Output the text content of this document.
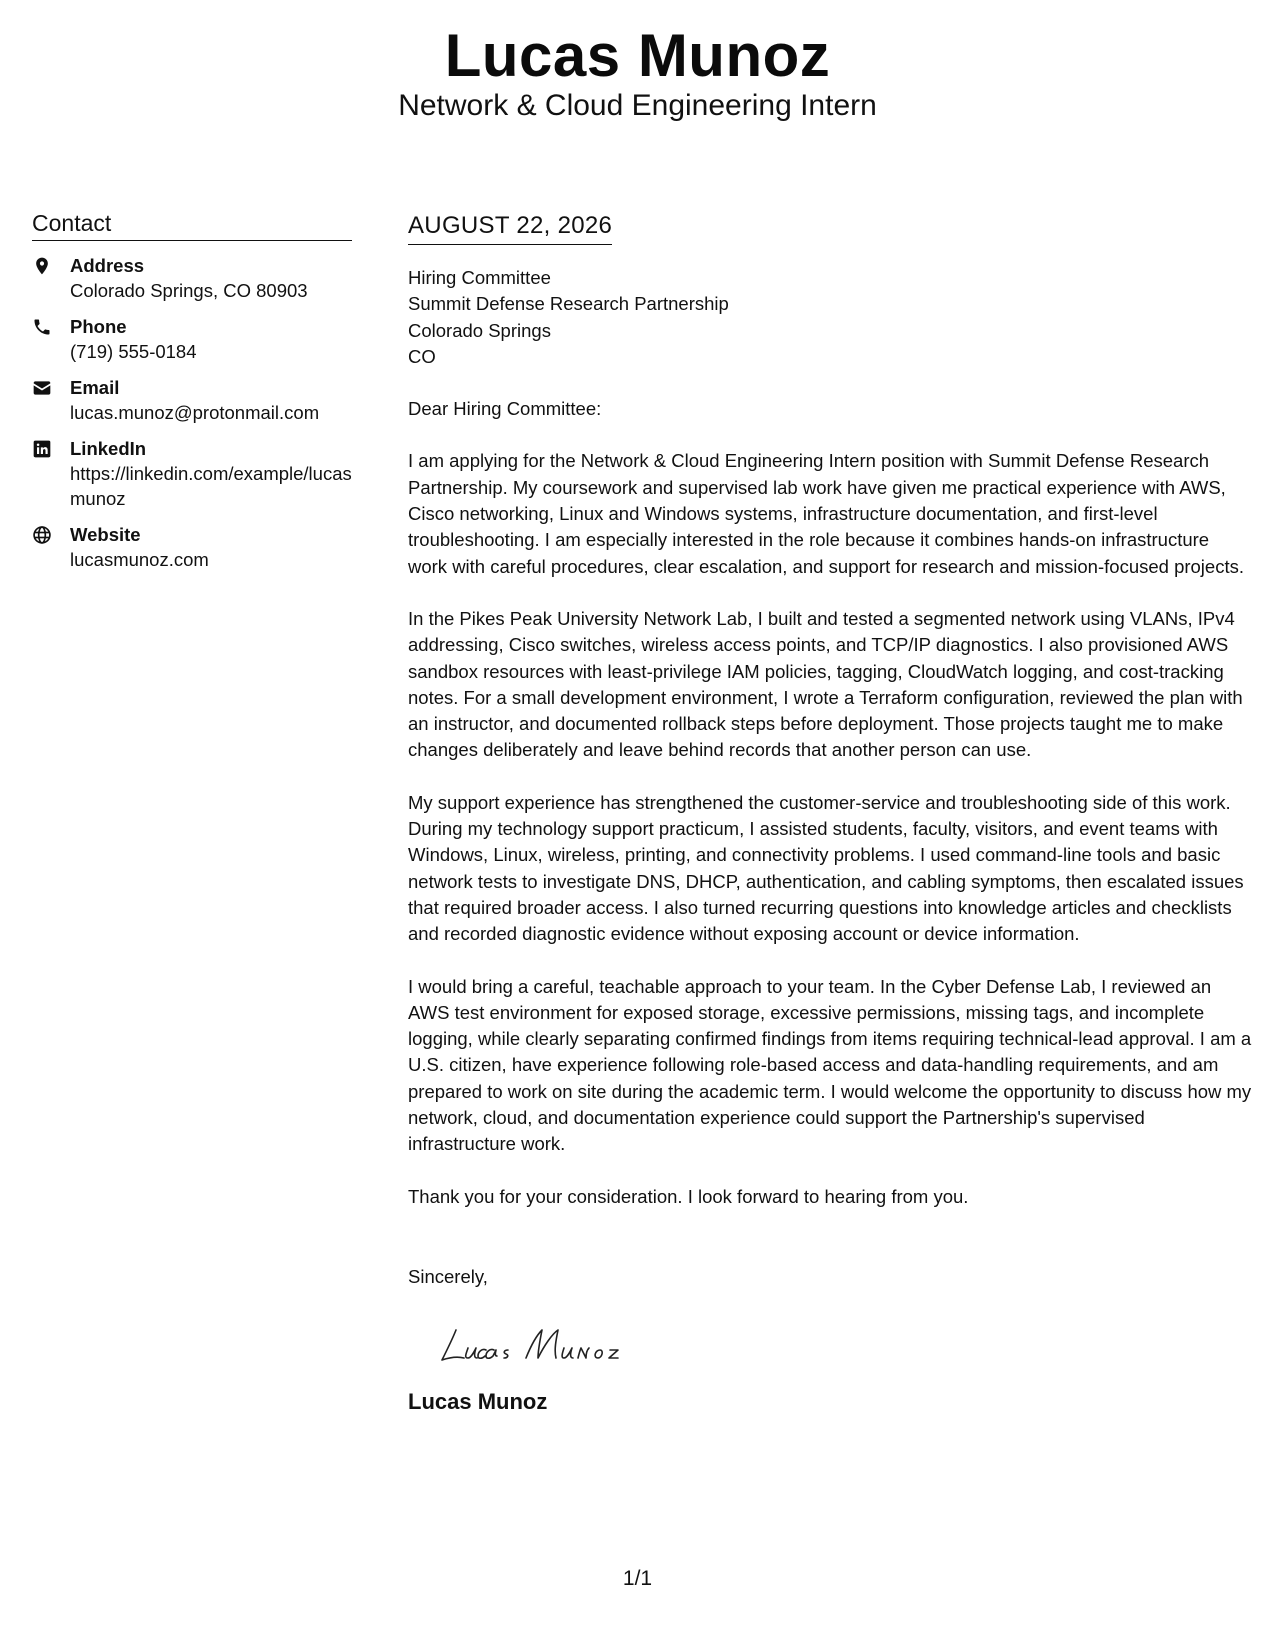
Lucas Munoz
Network & Cloud Engineering Intern
Contact
Address
Colorado Springs, CO 80903
Phone
(719) 555-0184
Email
lucas.munoz@protonmail.com
LinkedIn
https://linkedin.com/example/lucasmunoz
Website
lucasmunoz.com
AUGUST 22, 2026
Hiring Committee
Summit Defense Research Partnership
Colorado Springs
CO
Dear Hiring Committee:
I am applying for the Network & Cloud Engineering Intern position with Summit Defense Research Partnership. My coursework and supervised lab work have given me practical experience with AWS, Cisco networking, Linux and Windows systems, infrastructure documentation, and first-level troubleshooting. I am especially interested in the role because it combines hands-on infrastructure work with careful procedures, clear escalation, and support for research and mission-focused projects.
In the Pikes Peak University Network Lab, I built and tested a segmented network using VLANs, IPv4 addressing, Cisco switches, wireless access points, and TCP/IP diagnostics. I also provisioned AWS sandbox resources with least-privilege IAM policies, tagging, CloudWatch logging, and cost-tracking notes. For a small development environment, I wrote a Terraform configuration, reviewed the plan with an instructor, and documented rollback steps before deployment. Those projects taught me to make changes deliberately and leave behind records that another person can use.
My support experience has strengthened the customer-service and troubleshooting side of this work. During my technology support practicum, I assisted students, faculty, visitors, and event teams with Windows, Linux, wireless, printing, and connectivity problems. I used command-line tools and basic network tests to investigate DNS, DHCP, authentication, and cabling symptoms, then escalated issues that required broader access. I also turned recurring questions into knowledge articles and checklists and recorded diagnostic evidence without exposing account or device information.
I would bring a careful, teachable approach to your team. In the Cyber Defense Lab, I reviewed an AWS test environment for exposed storage, excessive permissions, missing tags, and incomplete logging, while clearly separating confirmed findings from items requiring technical-lead approval. I am a U.S. citizen, have experience following role-based access and data-handling requirements, and am prepared to work on site during the academic term. I would welcome the opportunity to discuss how my network, cloud, and documentation experience could support the Partnership's supervised infrastructure work.
Thank you for your consideration. I look forward to hearing from you.
Sincerely,
Lucas Munoz
1/1
